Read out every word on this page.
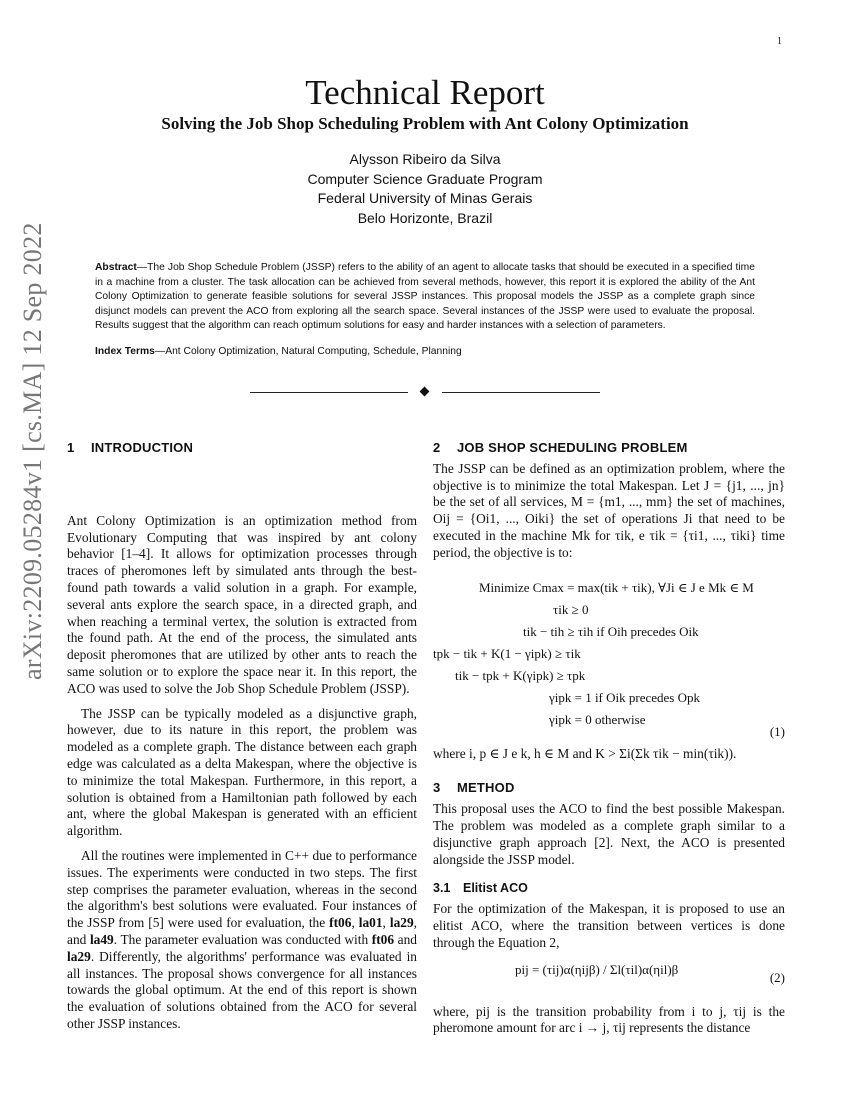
1
arXiv:2209.05284v1 [cs.MA] 12 Sep 2022
Technical Report
Solving the Job Shop Scheduling Problem with Ant Colony Optimization
Alysson Ribeiro da Silva
Computer Science Graduate Program
Federal University of Minas Gerais
Belo Horizonte, Brazil

Abstract—The Job Shop Schedule Problem (JSSP) refers to the ability of an agent to allocate tasks that should be executed in a specified time in a machine from a cluster. The task allocation can be achieved from several methods, however, this report it is explored the ability of the Ant Colony Optimization to generate feasible solutions for several JSSP instances. This proposal models the JSSP as a complete graph since disjunct models can prevent the ACO from exploring all the search space. Several instances of the JSSP were used to evaluate the proposal. Results suggest that the algorithm can reach optimum solutions for easy and harder instances with a selection of parameters.

Index Terms—Ant Colony Optimization, Natural Computing, Schedule, Planning

1 INTRODUCTION

Ant Colony Optimization is an optimization method from Evolutionary Computing that was inspired by ant colony behavior [1–4]. It allows for optimization processes through traces of pheromones left by simulated ants through the best-found path towards a valid solution in a graph. For example, several ants explore the search space, in a directed graph, and when reaching a terminal vertex, the solution is extracted from the found path. At the end of the process, the simulated ants deposit pheromones that are utilized by other ants to reach the same solution or to explore the space near it. In this report, the ACO was used to solve the Job Shop Schedule Problem (JSSP).

The JSSP can be typically modeled as a disjunctive graph, however, due to its nature in this report, the problem was modeled as a complete graph. The distance between each graph edge was calculated as a delta Makespan, where the objective is to minimize the total Makespan. Furthermore, in this report, a solution is obtained from a Hamiltonian path followed by each ant, where the global Makespan is generated with an efficient algorithm.

All the routines were implemented in C++ due to performance issues. The experiments were conducted in two steps. The first step comprises the parameter evaluation, whereas in the second the algorithm's best solutions were evaluated. Four instances of the JSSP from [5] were used for evaluation, the ft06, la01, la29, and la49. The parameter evaluation was conducted with ft06 and la29. Differently, the algorithms' performance was evaluated in all instances. The proposal shows convergence for all instances towards the global optimum. At the end of this report is shown the evaluation of solutions obtained from the ACO for several other JSSP instances.

2 JOB SHOP SCHEDULING PROBLEM

The JSSP can be defined as an optimization problem, where the objective is to minimize the total Makespan. Let J = {j1, ..., jn} be the set of all services, M = {m1, ..., mm} the set of machines, Oij = {Oi1, ..., Oiki} the set of operations Ji that need to be executed in the machine Mk for τik, e τik = {τi1, ..., τiki} time period, the objective is to:

Minimize Cmax = max(tik + τik), ∀Ji ∈ J e Mk ∈ M
τik ≥ 0
tik − tih ≥ τih if Oih precedes Oik
tpk − tik + K(1 − γipk) ≥ τik
tik − tpk + K(γipk) ≥ τpk
γipk = 1 if Oik precedes Opk
γipk = 0 otherwise
(1)

where i, p ∈ J e k, h ∈ M and K > Σi(Σk τik − min(τik)).

3 METHOD

This proposal uses the ACO to find the best possible Makespan. The problem was modeled as a complete graph similar to a disjunctive graph approach [2]. Next, the ACO is presented alongside the JSSP model.

3.1 Elitist ACO

For the optimization of the Makespan, it is proposed to use an elitist ACO, where the transition between vertices is done through the Equation 2,

pij = (τij)α(ηijβ) / Σl(τil)α(ηil)β
(2)

where, pij is the transition probability from i to j, τij is the pheromone amount for arc i → j, τij represents the distance
